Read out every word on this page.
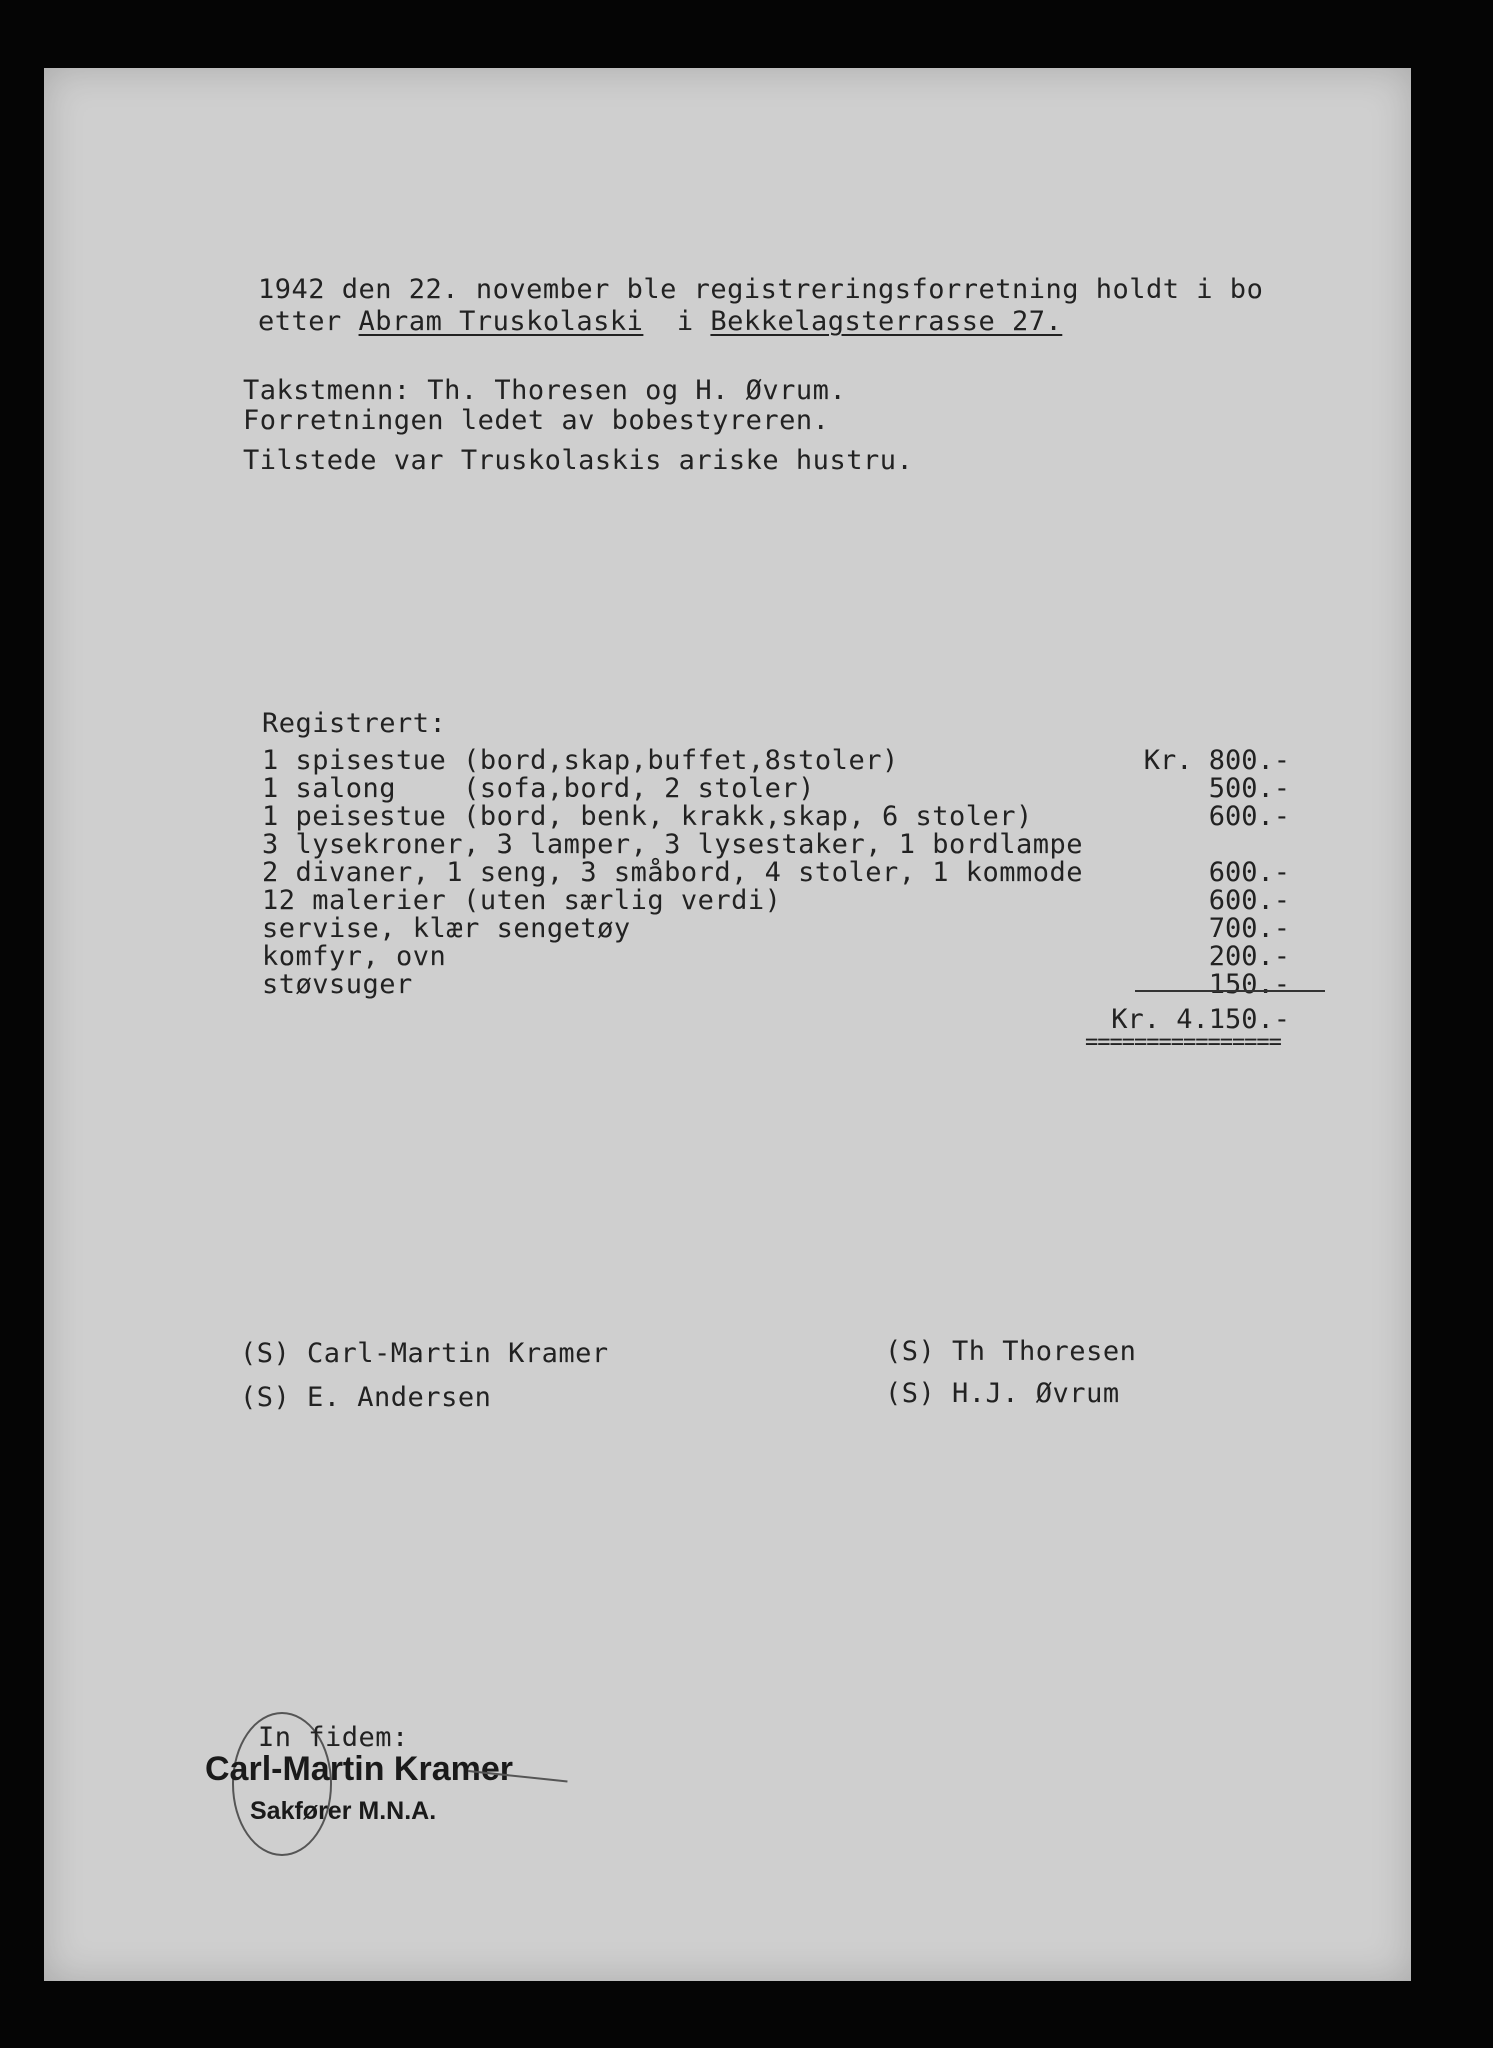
1942 den 22. november ble registreringsforretning holdt i bo

etter Abram Truskolaski  i Bekkelagsterrasse 27.

Takstmenn: Th. Thoresen og H. Øvrum.

Forretningen ledet av bobestyreren.

Tilstede var Truskolaskis ariske hustru.

Registrert:

1 spisestue (bord,skap,buffet,8stoler)	Kr. 800.-

1 salong    (sofa,bord, 2 stoler)	500.-

1 peisestue (bord, benk, krakk,skap, 6 stoler)	600.-

3 lysekroner, 3 lamper, 3 lysestaker, 1 bordlampe

2 divaner, 1 seng, 3 småbord, 4 stoler, 1 kommode	600.-

12 malerier (uten særlig verdi)	600.-

servise, klær sengetøy	700.-

komfyr, ovn	200.-

støvsuger	150.-

Kr. 4.150.-

================

(S) Carl-Martin Kramer

(S) E. Andersen

(S) Th Thoresen

(S) H.J. Øvrum

In fidem:

Carl-Martin Kramer

Sakfører M.N.A.
